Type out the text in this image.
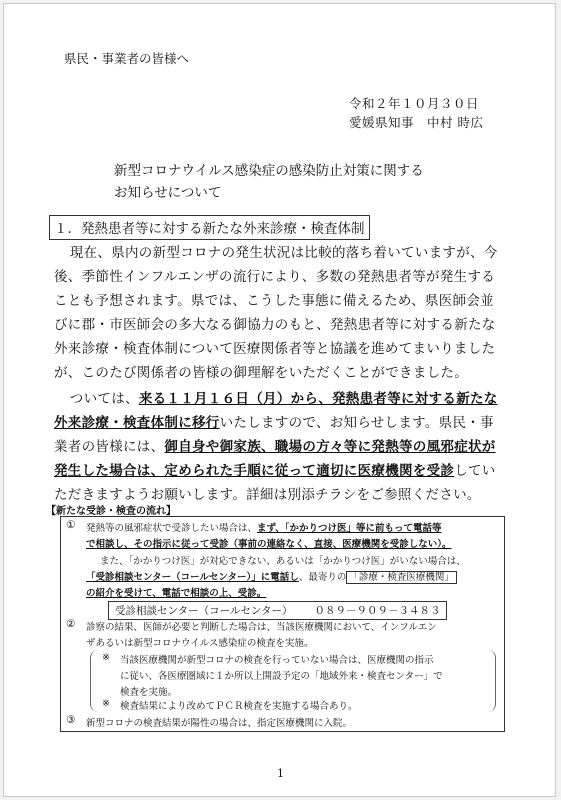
県民・事業者の皆様へ
令和２年１０月３０日
愛媛県知事　中村 時広
新型コロナウイルス感染症の感染防止対策に関する
お知らせについて
１．発熱患者等に対する新たな外来診療・検査体制
　現在、県内の新型コロナの発生状況は比較的落ち着いていますが、今
後、季節性インフルエンザの流行により、多数の発熱患者等が発生する
ことも予想されます。県では、こうした事態に備えるため、県医師会並
びに郡・市医師会の多大なる御協力のもと、発熱患者等に対する新たな
外来診療・検査体制について医療関係者等と協議を進めてまいりました
が、このたび関係者の皆様の御理解をいただくことができました。
　ついては、来る１１月１６日（月）から、発熱患者等に対する新たな
外来診療・検査体制に移行いたしますので、お知らせします。県民・事
業者の皆様には、御自身や御家族、職場の方々等に発熱等の風邪症状が
発生した場合は、定められた手順に従って適切に医療機関を受診してい
ただきますようお願いします。詳細は別添チラシをご参照ください。
【新たな受診・検査の流れ】
① 発熱等の風邪症状で受診したい場合は、まず、「かかりつけ医」等に前もって電話等
で相談し、その指示に従って受診（事前の連絡なく、直接、医療機関を受診しない）。
また、「かかりつけ医」が対応できない、あるいは「かかりつけ医」がいない場合は、
「受診相談センター（コールセンター）」に電話し、最寄りの 「診療・検査医療機関」
の紹介を受けて、電話で相談の上、受診。
受診相談センター（コールセンター） ０８９－９０９－３４８３
② 診察の結果、医師が必要と判断した場合は、当該医療機関において、インフルエン
ザあるいは新型コロナウイルス感染症の検査を実施。
※ 当該医療機関が新型コロナの検査を行っていない場合は、医療機関の指示
に従い、各医療圏域に１か所以上開設予定の「地域外来・検査センター」で
検査を実施。
※ 検査結果により改めてＰＣＲ検査を実施する場合あり。
③ 新型コロナの検査結果が陽性の場合は、指定医療機関に入院。
1
